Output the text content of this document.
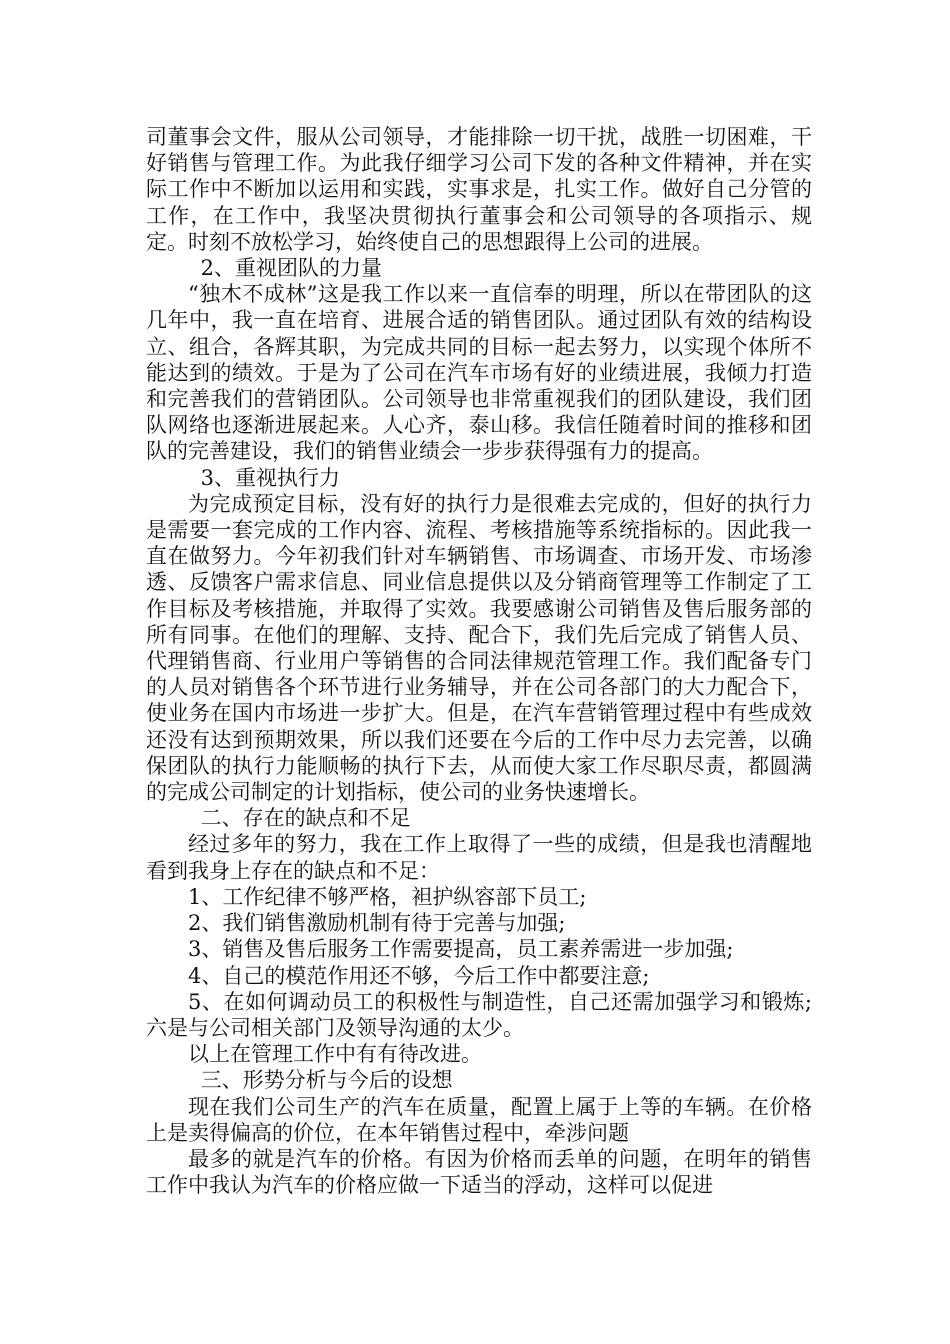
司董事会文件，服从公司领导，才能排除一切干扰，战胜一切困难，干好销售与管理工作。为此我仔细学习公司下发的各种文件精神，并在实际工作中不断加以运用和实践，实事求是，扎实工作。做好自己分管的工作，在工作中，我坚决贯彻执行董事会和公司领导的各项指示、规定。时刻不放松学习，始终使自己的思想跟得上公司的进展。

2、重视团队的力量

“独木不成林”这是我工作以来一直信奉的明理，所以在带团队的这几年中，我一直在培育、进展合适的销售团队。通过团队有效的结构设立、组合，各辉其职，为完成共同的目标一起去努力，以实现个体所不能达到的绩效。于是为了公司在汽车市场有好的业绩进展，我倾力打造和完善我们的营销团队。公司领导也非常重视我们的团队建设，我们团队网络也逐渐进展起来。人心齐，泰山移。我信任随着时间的推移和团队的完善建设，我们的销售业绩会一步步获得强有力的提高。

3、重视执行力

为完成预定目标，没有好的执行力是很难去完成的，但好的执行力是需要一套完成的工作内容、流程、考核措施等系统指标的。因此我一直在做努力。今年初我们针对车辆销售、市场调查、市场开发、市场渗透、反馈客户需求信息、同业信息提供以及分销商管理等工作制定了工作目标及考核措施，并取得了实效。我要感谢公司销售及售后服务部的所有同事。在他们的理解、支持、配合下，我们先后完成了销售人员、代理销售商、行业用户等销售的合同法律规范管理工作。我们配备专门的人员对销售各个环节进行业务辅导，并在公司各部门的大力配合下，使业务在国内市场进一步扩大。但是，在汽车营销管理过程中有些成效还没有达到预期效果，所以我们还要在今后的工作中尽力去完善，以确保团队的执行力能顺畅的执行下去，从而使大家工作尽职尽责，都圆满的完成公司制定的计划指标，使公司的业务快速增长。

二、存在的缺点和不足

经过多年的努力，我在工作上取得了一些的成绩，但是我也清醒地看到我身上存在的缺点和不足：

1、工作纪律不够严格，袒护纵容部下员工;

2、我们销售激励机制有待于完善与加强;

3、销售及售后服务工作需要提高，员工素养需进一步加强;

4、自己的模范作用还不够，今后工作中都要注意;

5、在如何调动员工的积极性与制造性，自己还需加强学习和锻炼;六是与公司相关部门及领导沟通的太少。

以上在管理工作中有有待改进。

三、形势分析与今后的设想

现在我们公司生产的汽车在质量，配置上属于上等的车辆。在价格上是卖得偏高的价位，在本年销售过程中，牵涉问题

最多的就是汽车的价格。有因为价格而丢单的问题，在明年的销售工作中我认为汽车的价格应做一下适当的浮动，这样可以促进
